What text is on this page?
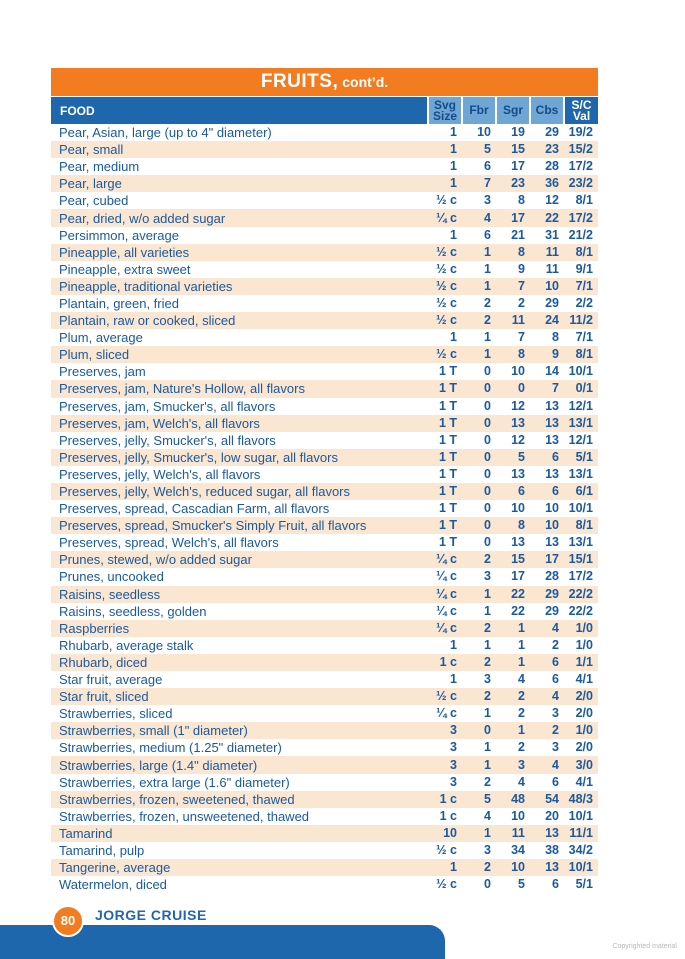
FRUITS, cont’d.
FOOD	Svg Size	Fbr	Sgr	Cbs	S/C Val
Pear, Asian, large (up to 4" diameter)	1	10	19	29	19/2
Pear, small	1	5	15	23	15/2
Pear, medium	1	6	17	28	17/2
Pear, large	1	7	23	36	23/2
Pear, cubed	½ c	3	8	12	8/1
Pear, dried, w/o added sugar	¼ c	4	17	22	17/2
Persimmon, average	1	6	21	31	21/2
Pineapple, all varieties	½ c	1	8	11	8/1
Pineapple, extra sweet	½ c	1	9	11	9/1
Pineapple, traditional varieties	½ c	1	7	10	7/1
Plantain, green, fried	½ c	2	2	29	2/2
Plantain, raw or cooked, sliced	½ c	2	11	24	11/2
Plum, average	1	1	7	8	7/1
Plum, sliced	½ c	1	8	9	8/1
Preserves, jam	1 T	0	10	14	10/1
Preserves, jam, Nature's Hollow, all flavors	1 T	0	0	7	0/1
Preserves, jam, Smucker's, all flavors	1 T	0	12	13	12/1
Preserves, jam, Welch's, all flavors	1 T	0	13	13	13/1
Preserves, jelly, Smucker's, all flavors	1 T	0	12	13	12/1
Preserves, jelly, Smucker's, low sugar, all flavors	1 T	0	5	6	5/1
Preserves, jelly, Welch's, all flavors	1 T	0	13	13	13/1
Preserves, jelly, Welch's, reduced sugar, all flavors	1 T	0	6	6	6/1
Preserves, spread, Cascadian Farm, all flavors	1 T	0	10	10	10/1
Preserves, spread, Smucker's Simply Fruit, all flavors	1 T	0	8	10	8/1
Preserves, spread, Welch's, all flavors	1 T	0	13	13	13/1
Prunes, stewed, w/o added sugar	¼ c	2	15	17	15/1
Prunes, uncooked	¼ c	3	17	28	17/2
Raisins, seedless	¼ c	1	22	29	22/2
Raisins, seedless, golden	¼ c	1	22	29	22/2
Raspberries	¼ c	2	1	4	1/0
Rhubarb, average stalk	1	1	1	2	1/0
Rhubarb, diced	1 c	2	1	6	1/1
Star fruit, average	1	3	4	6	4/1
Star fruit, sliced	½ c	2	2	4	2/0
Strawberries, sliced	¼ c	1	2	3	2/0
Strawberries, small (1" diameter)	3	0	1	2	1/0
Strawberries, medium (1.25" diameter)	3	1	2	3	2/0
Strawberries, large (1.4" diameter)	3	1	3	4	3/0
Strawberries, extra large (1.6" diameter)	3	2	4	6	4/1
Strawberries, frozen, sweetened, thawed	1 c	5	48	54	48/3
Strawberries, frozen, unsweetened, thawed	1 c	4	10	20	10/1
Tamarind	10	1	11	13	11/1
Tamarind, pulp	½ c	3	34	38	34/2
Tangerine, average	1	2	10	13	10/1
Watermelon, diced	½ c	0	5	6	5/1
80	JORGE CRUISE
Copyrighted material
